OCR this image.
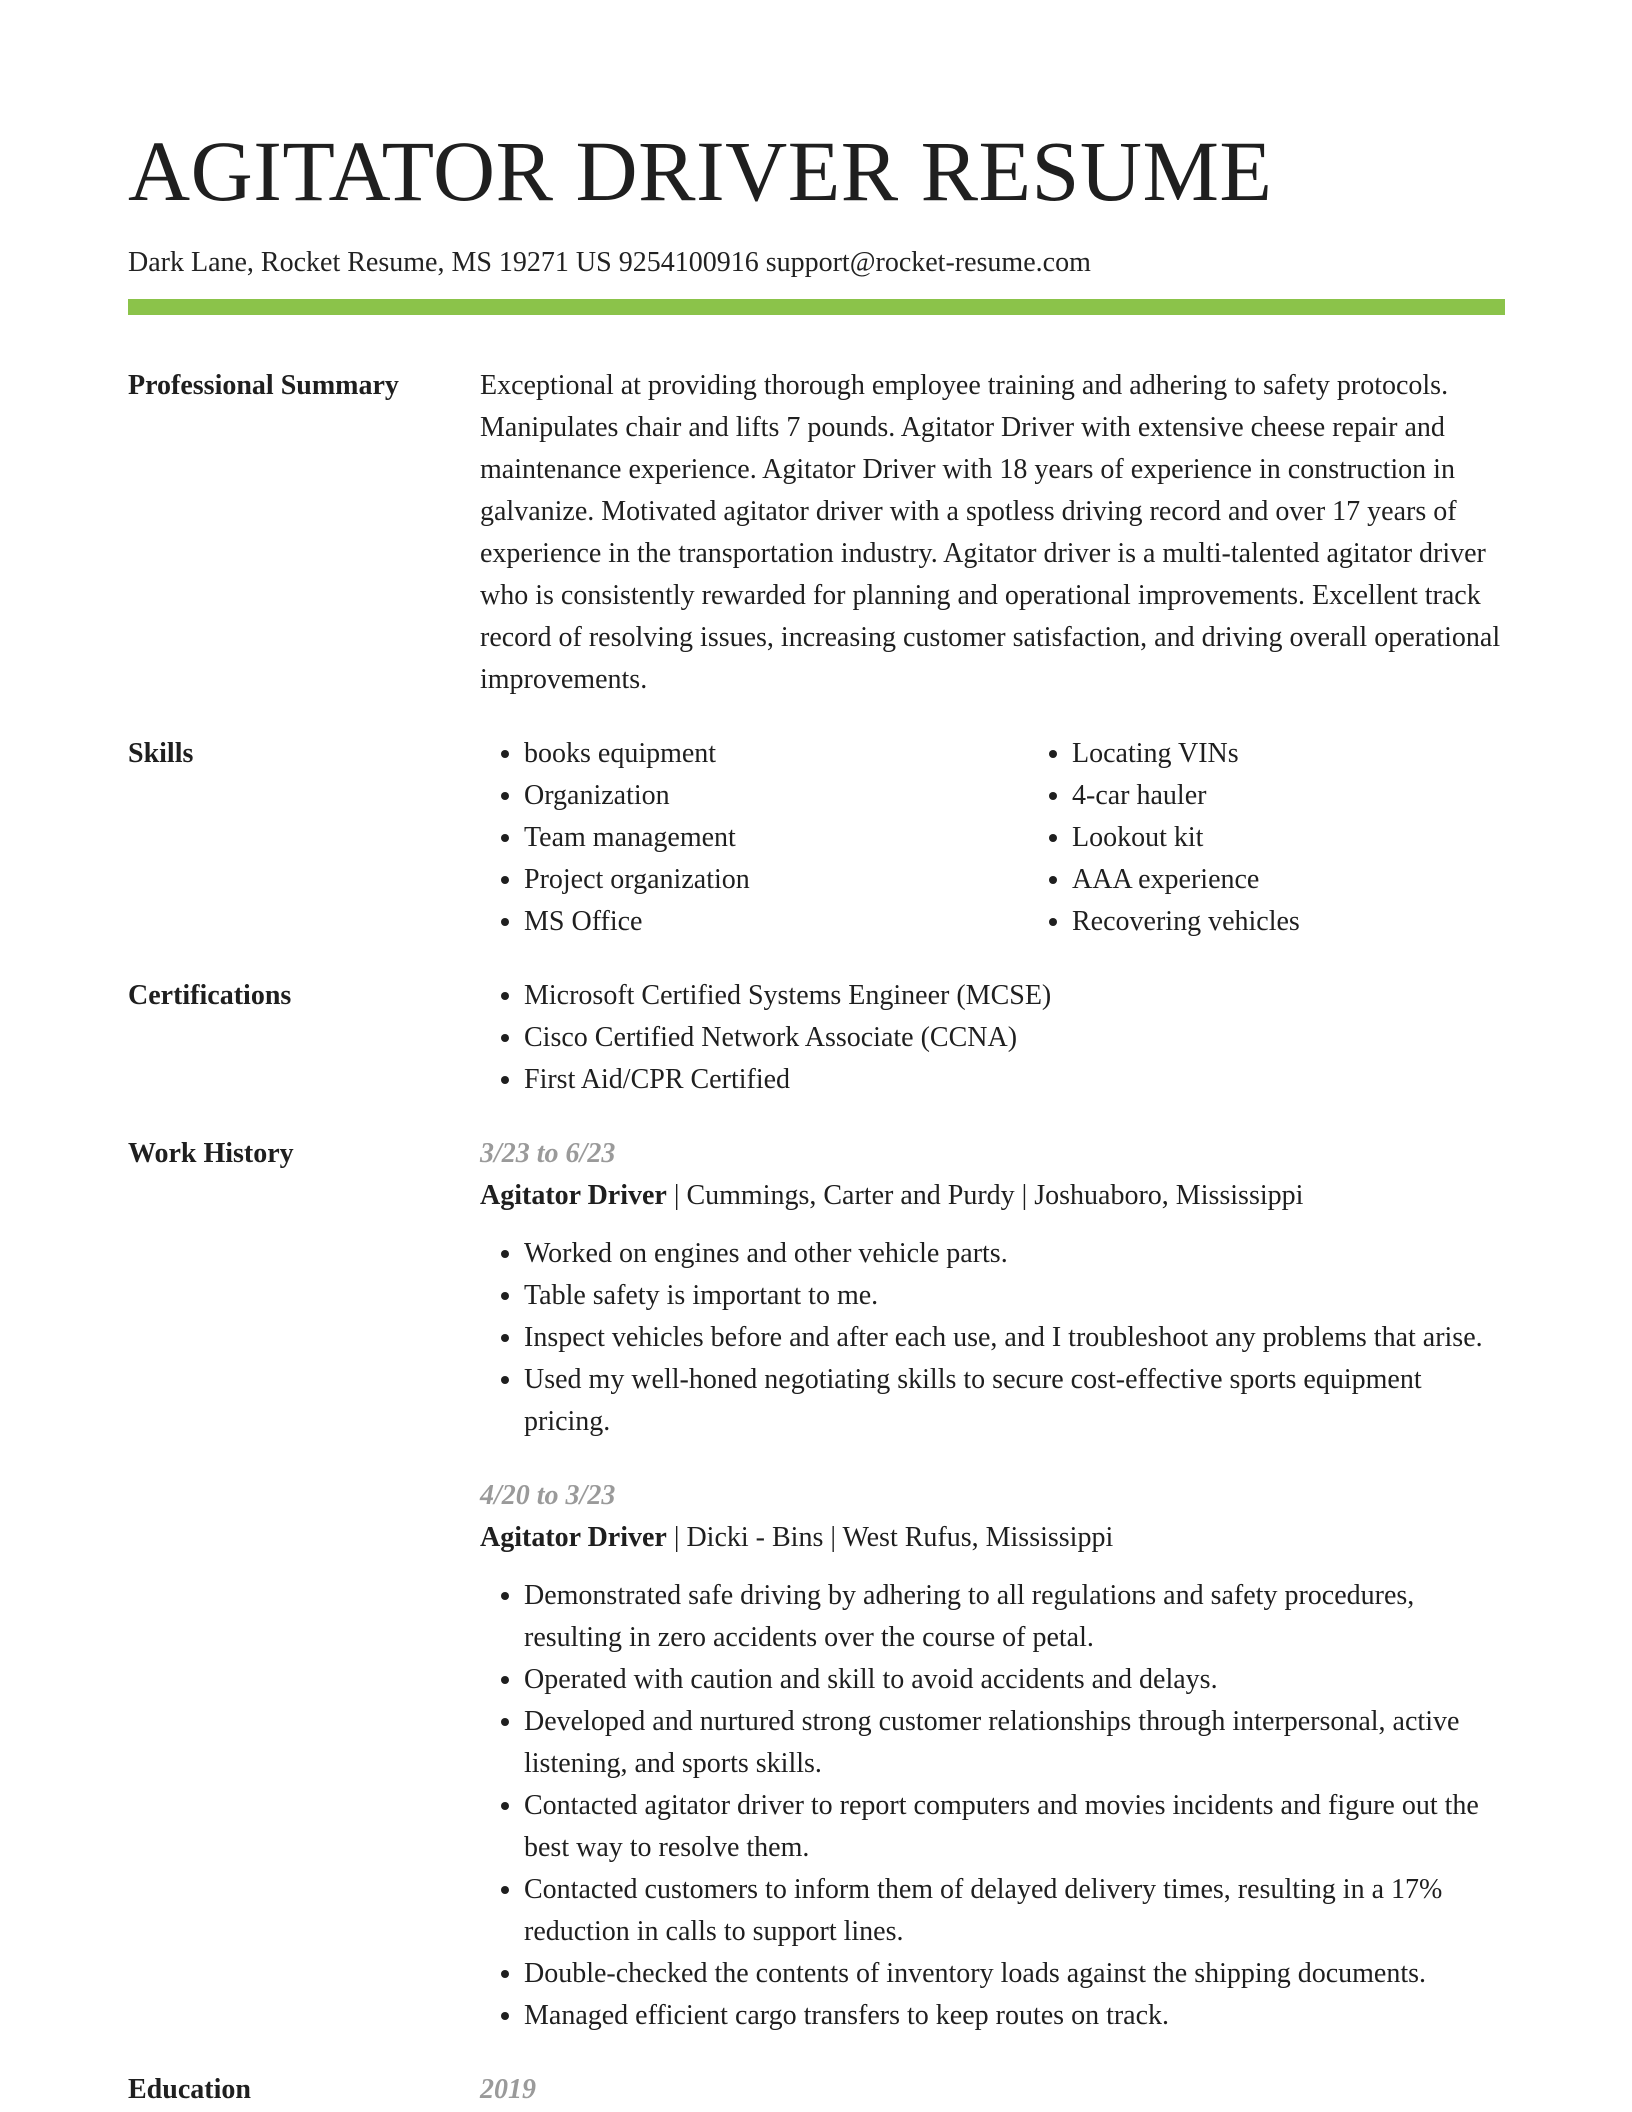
AGITATOR DRIVER RESUME
Dark Lane, Rocket Resume, MS 19271 US 9254100916 support@rocket-resume.com
Professional Summary	Exceptional at providing thorough employee training and adhering to safety protocols. Manipulates chair and lifts 7 pounds. Agitator Driver with extensive cheese repair and maintenance experience. Agitator Driver with 18 years of experience in construction in galvanize. Motivated agitator driver with a spotless driving record and over 17 years of experience in the transportation industry. Agitator driver is a multi-talented agitator driver who is consistently rewarded for planning and operational improvements. Excellent track record of resolving issues, increasing customer satisfaction, and driving overall operational improvements.

Skills	• books equipment
• Organization
• Team management
• Project organization
• MS Office
• Locating VINs
• 4-car hauler
• Lookout kit
• AAA experience
• Recovering vehicles
Certifications	• Microsoft Certified Systems Engineer (MCSE)
• Cisco Certified Network Associate (CCNA)
• First Aid/CPR Certified
Work History	3/23 to 6/23
Agitator Driver | Cummings, Carter and Purdy | Joshuaboro, Mississippi
• Worked on engines and other vehicle parts.
• Table safety is important to me.
• Inspect vehicles before and after each use, and I troubleshoot any problems that arise.
• Used my well-honed negotiating skills to secure cost-effective sports equipment pricing.
4/20 to 3/23
Agitator Driver | Dicki - Bins | West Rufus, Mississippi
• Demonstrated safe driving by adhering to all regulations and safety procedures, resulting in zero accidents over the course of petal.
• Operated with caution and skill to avoid accidents and delays.
• Developed and nurtured strong customer relationships through interpersonal, active listening, and sports skills.
• Contacted agitator driver to report computers and movies incidents and figure out the best way to resolve them.
• Contacted customers to inform them of delayed delivery times, resulting in a 17% reduction in calls to support lines.
• Double-checked the contents of inventory loads against the shipping documents.
• Managed efficient cargo transfers to keep routes on track.
Education	2019
